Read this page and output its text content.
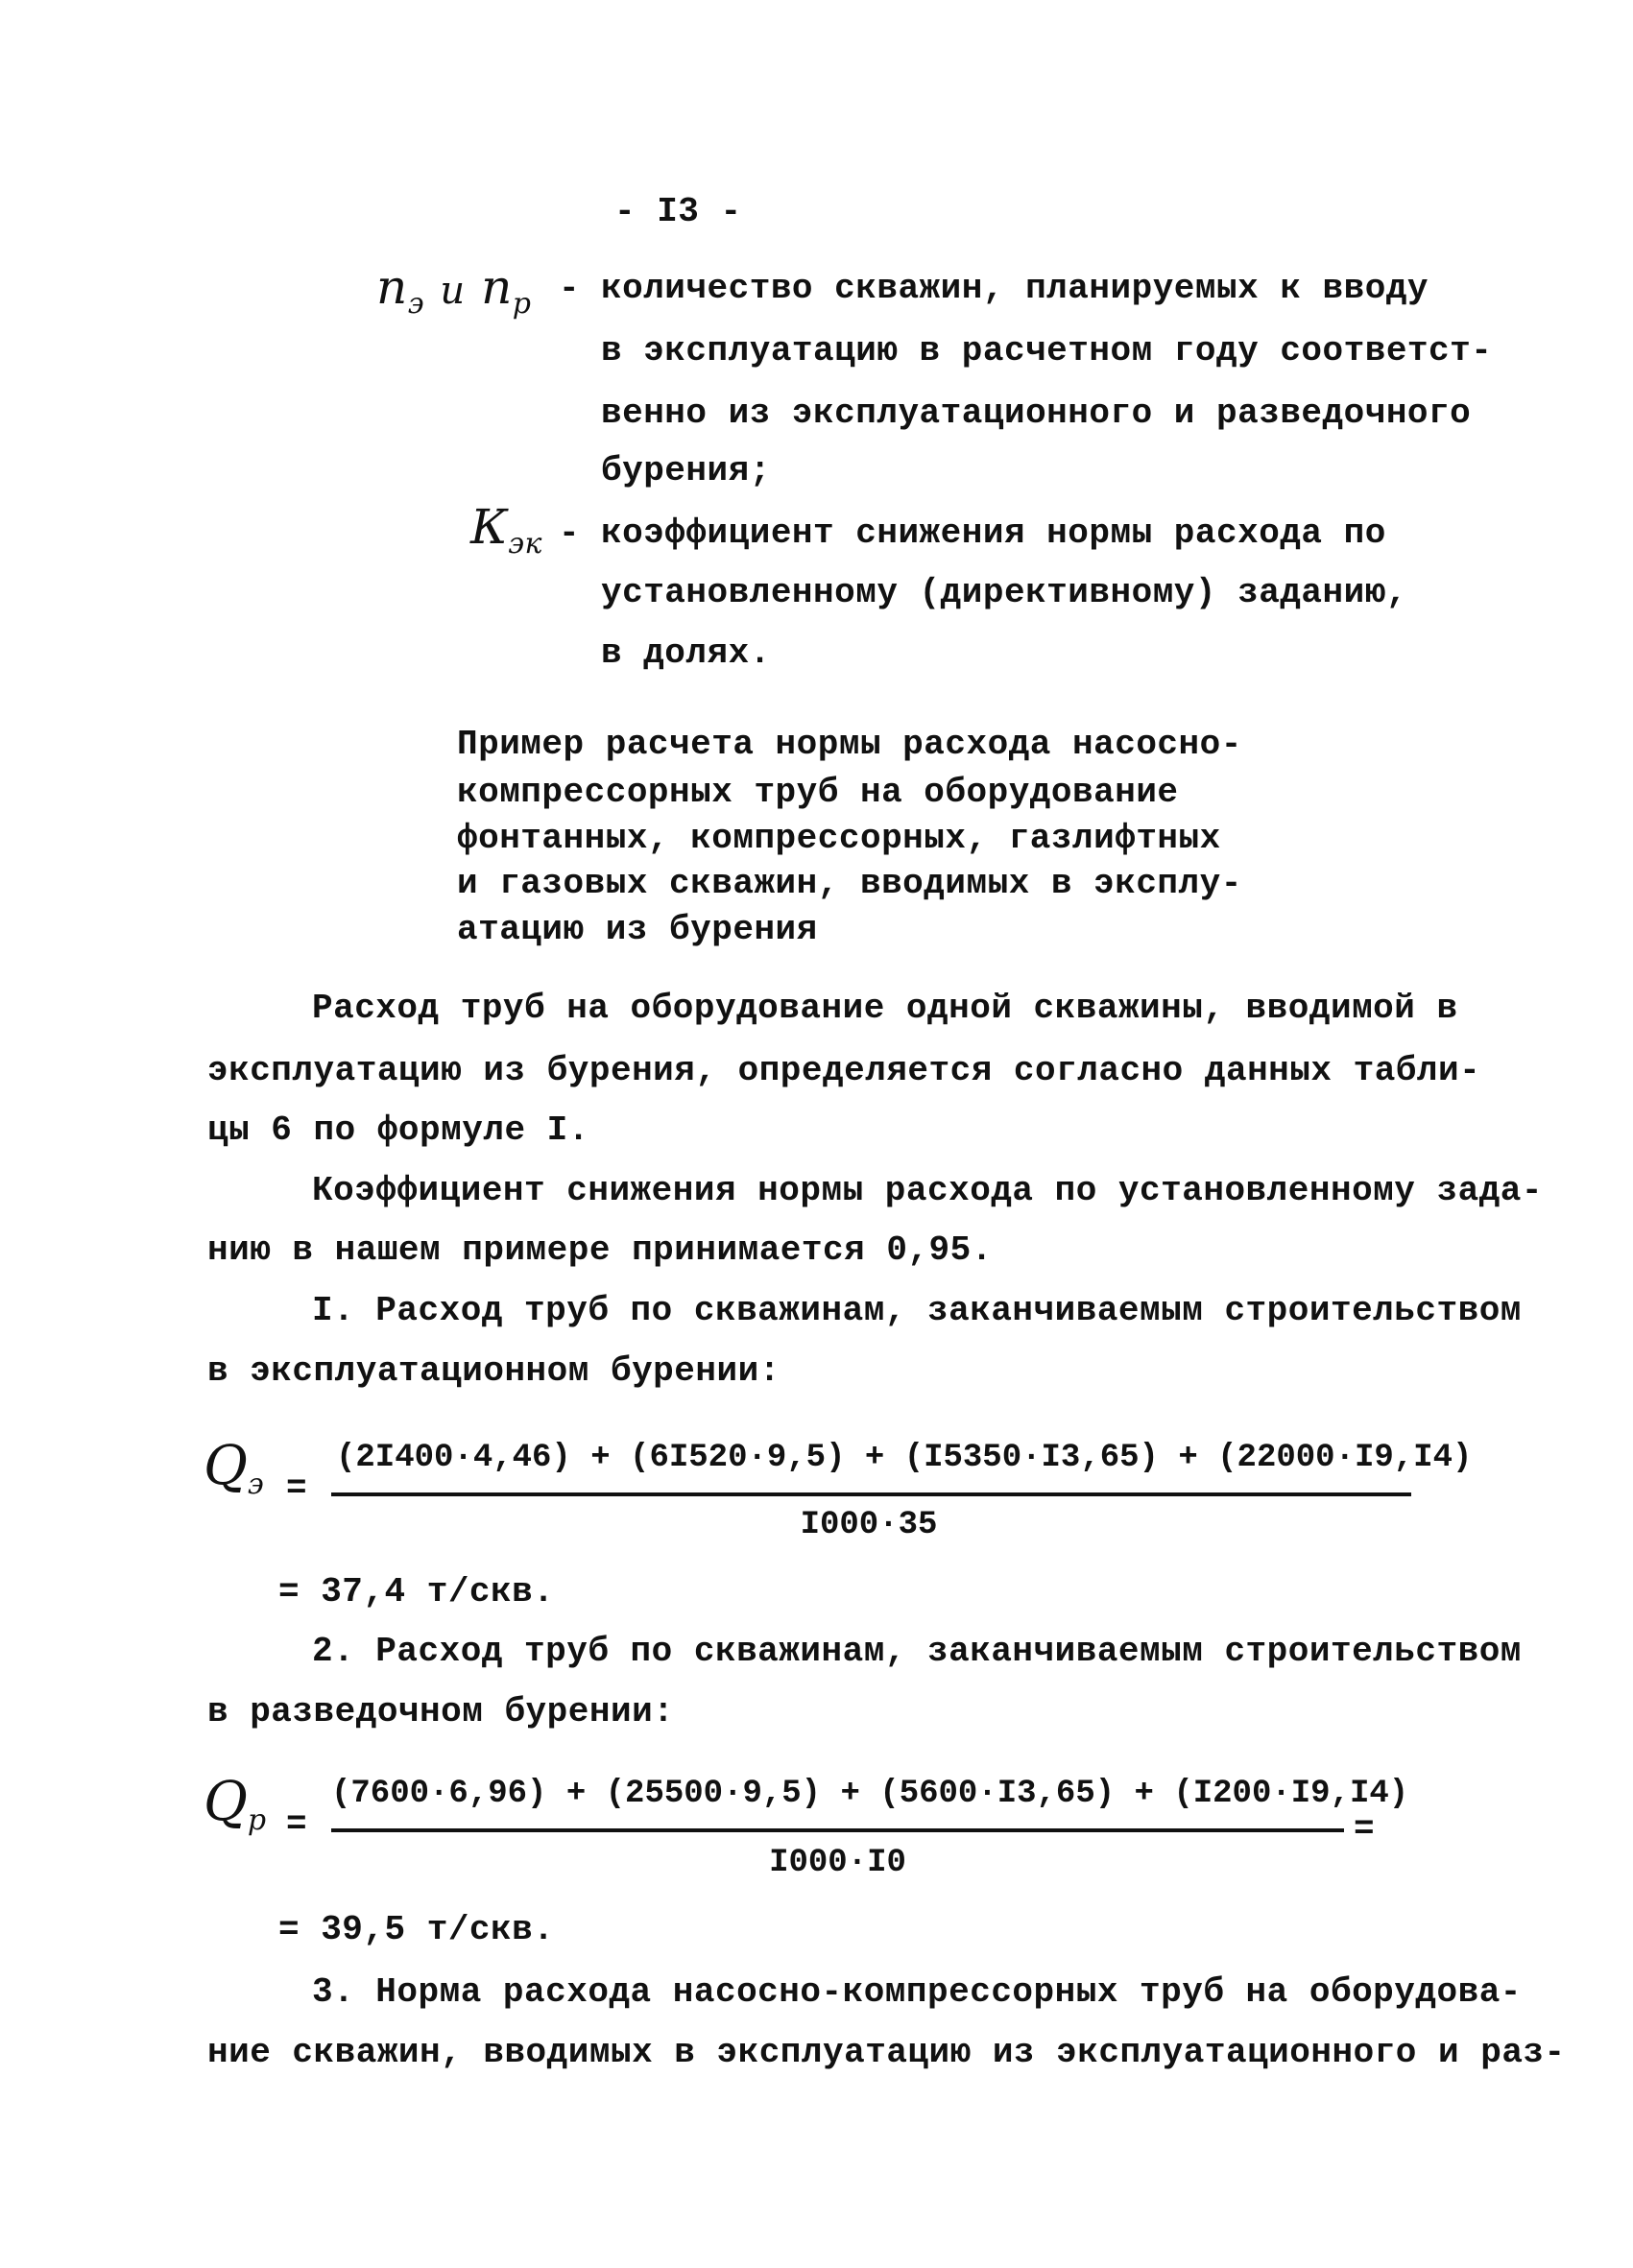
- I3 -
$n_э$ и $n_р$ - количество скважин, планируемых к вводу
в эксплуатацию в расчетном году соответст-
венно из эксплуатационного и разведочного
бурения;
$К_{эк}$ - коэффициент снижения нормы расхода по
установленному (директивному) заданию,
в долях.
Пример расчета нормы расхода насосно-
компрессорных труб на оборудование
фонтанных, компрессорных, газлифтных
и газовых скважин, вводимых в эксплу-
атацию из бурения
Расход труб на оборудование одной скважины, вводимой в
эксплуатацию из бурения, определяется согласно данных табли-
цы 6 по формуле I.
Коэффициент снижения нормы расхода по установленному зада-
нию в нашем примере принимается 0,95.
I. Расход труб по скважинам, заканчиваемым строительством
в эксплуатационном бурении:
$Q_э$ =
(2I400·4,46) + (6I520·9,5) + (I5350·I3,65) + (22000·I9,I4)
I000·35
= 37,4 т/скв.
2. Расход труб по скважинам, заканчиваемым строительством
в разведочном бурении:
$Q_р$ =
(7600·6,96) + (25500·9,5) + (5600·I3,65) + (I200·I9,I4)
=
I000·I0
= 39,5 т/скв.
3. Норма расхода насосно-компрессорных труб на оборудова-
ние скважин, вводимых в эксплуатацию из эксплуатационного и раз-
